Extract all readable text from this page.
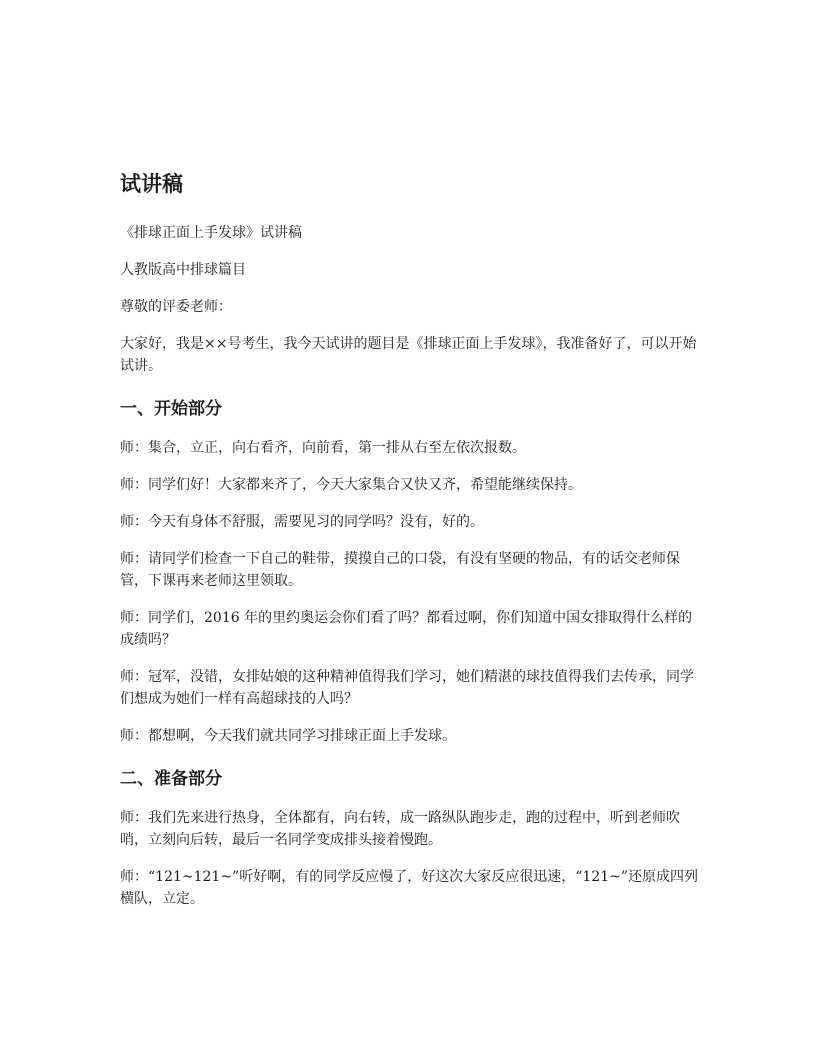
试讲稿

《排球正面上手发球》试讲稿

人教版高中排球篇目

尊敬的评委老师：

大家好，我是××号考生，我今天试讲的题目是《排球正面上手发球》，我准备好了，可以开始试讲。

一、开始部分

师：集合，立正，向右看齐，向前看，第一排从右至左依次报数。

师：同学们好！大家都来齐了，今天大家集合又快又齐，希望能继续保持。

师：今天有身体不舒服，需要见习的同学吗？没有，好的。

师：请同学们检查一下自己的鞋带，摸摸自己的口袋，有没有坚硬的物品，有的话交老师保管，下课再来老师这里领取。

师：同学们，2016 年的里约奥运会你们看了吗？都看过啊，你们知道中国女排取得什么样的成绩吗？

师：冠军，没错，女排姑娘的这种精神值得我们学习，她们精湛的球技值得我们去传承，同学们想成为她们一样有高超球技的人吗？

师：都想啊，今天我们就共同学习排球正面上手发球。

二、准备部分

师：我们先来进行热身，全体都有，向右转，成一路纵队跑步走，跑的过程中，听到老师吹哨，立刻向后转，最后一名同学变成排头接着慢跑。

师：“121~121~”听好啊，有的同学反应慢了，好这次大家反应很迅速，“121~”还原成四列横队，立定。
